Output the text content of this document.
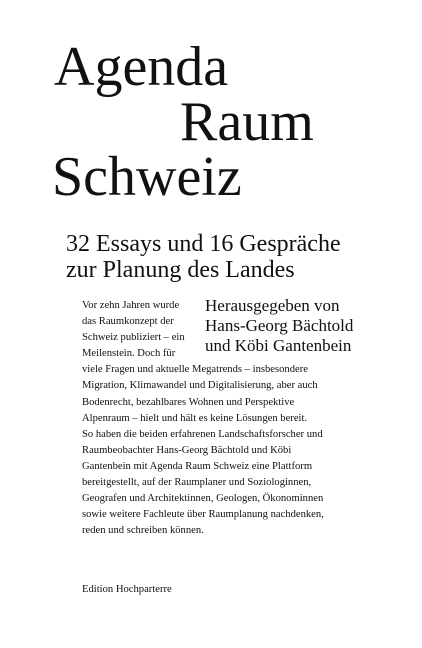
Agenda
Raum
Schweiz
32 Essays und 16 Gespräche
zur Planung des Landes
Herausgegeben von
Hans-Georg Bächtold
und Köbi Gantenbein
Vor zehn Jahren wurde
das Raumkonzept der
Schweiz publiziert – ein
Meilenstein. Doch für
viele Fragen und aktuelle Megatrends – insbesondere
Migration, Klimawandel und Digitalisierung, aber auch
Bodenrecht, bezahlbares Wohnen und Perspektive
Alpenraum – hielt und hält es keine Lösungen bereit.
So haben die beiden erfahrenen Landschaftsforscher und
Raumbeobachter Hans-Georg Bächtold und Köbi
Gantenbein mit Agenda Raum Schweiz eine Plattform
bereitgestellt, auf der Raumplaner und Soziologinnen,
Geografen und Architektinnen, Geologen, Ökonominnen
sowie weitere Fachleute über Raumplanung nachdenken,
reden und schreiben können.
Edition Hochparterre
